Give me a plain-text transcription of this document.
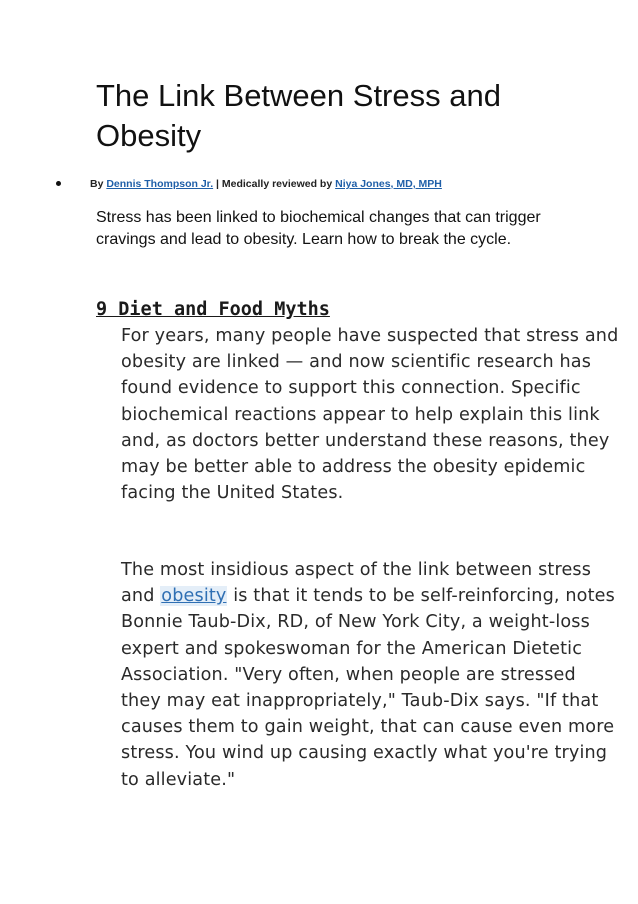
The Link Between Stress and Obesity
By Dennis Thompson Jr. | Medically reviewed by Niya Jones, MD, MPH

Stress has been linked to biochemical changes that can trigger cravings and lead to obesity. Learn how to break the cycle.

9 Diet and Food Myths

For years, many people have suspected that stress and obesity are linked — and now scientific research has found evidence to support this connection. Specific biochemical reactions appear to help explain this link and, as doctors better understand these reasons, they may be better able to address the obesity epidemic facing the United States.

The most insidious aspect of the link between stress and obesity is that it tends to be self-reinforcing, notes Bonnie Taub-Dix, RD, of New York City, a weight-loss expert and spokeswoman for the American Dietetic Association. "Very often, when people are stressed they may eat inappropriately," Taub-Dix says. "If that causes them to gain weight, that can cause even more stress. You wind up causing exactly what you're trying to alleviate."
